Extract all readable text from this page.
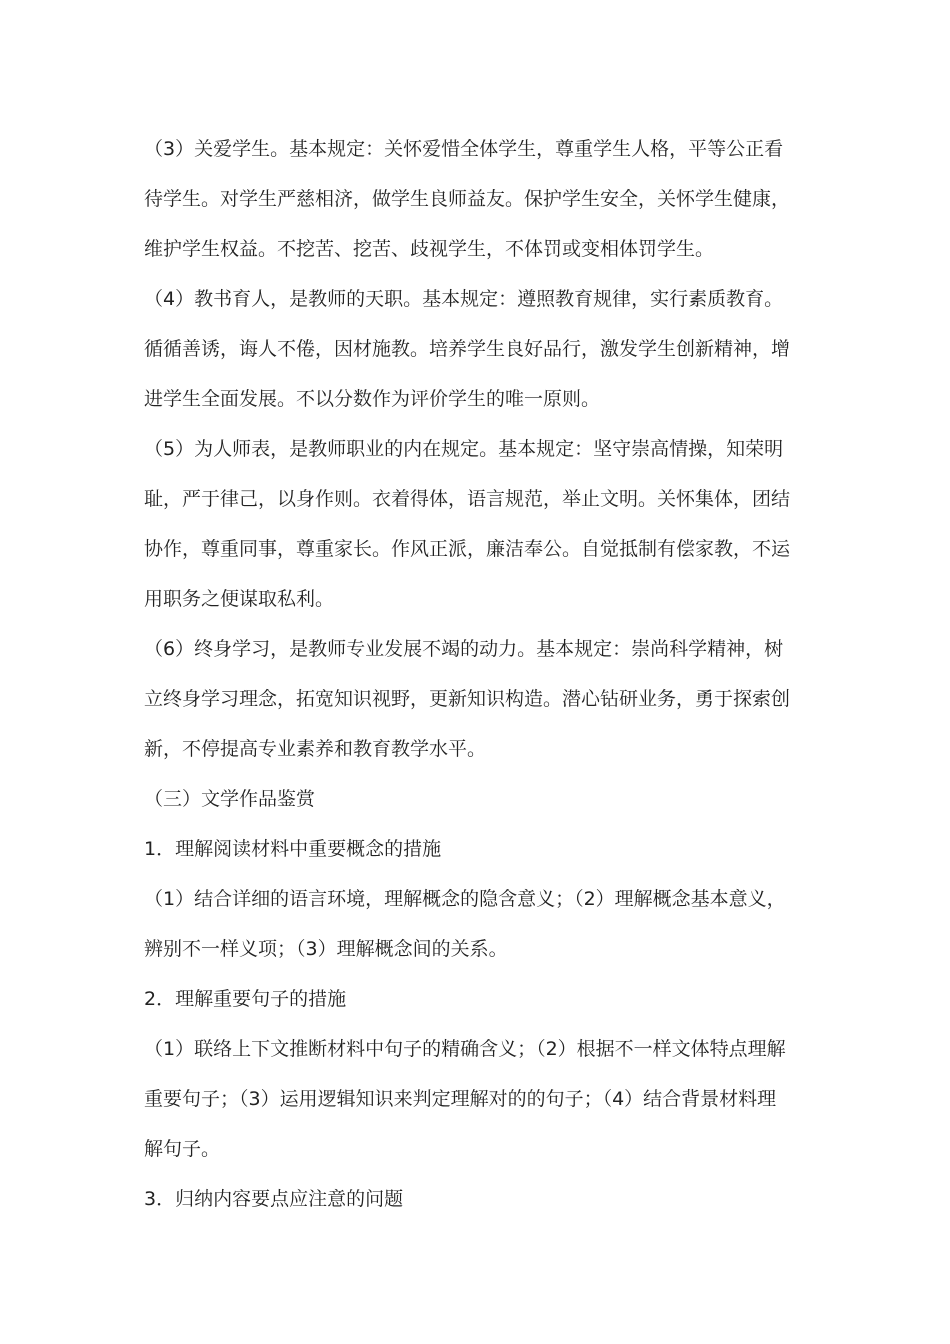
（3）关爱学生。基本规定：关怀爱惜全体学生，尊重学生人格，平等公正看
待学生。对学生严慈相济，做学生良师益友。保护学生安全，关怀学生健康，
维护学生权益。不挖苦、挖苦、歧视学生，不体罚或变相体罚学生。
（4）教书育人，是教师的天职。基本规定：遵照教育规律，实行素质教育。
循循善诱，诲人不倦，因材施教。培养学生良好品行，激发学生创新精神，增
进学生全面发展。不以分数作为评价学生的唯一原则。
（5）为人师表，是教师职业的内在规定。基本规定：坚守崇高情操，知荣明
耻，严于律己，以身作则。衣着得体，语言规范，举止文明。关怀集体，团结
协作，尊重同事，尊重家长。作风正派，廉洁奉公。自觉抵制有偿家教，不运
用职务之便谋取私利。
（6）终身学习，是教师专业发展不竭的动力。基本规定：崇尚科学精神，树
立终身学习理念，拓宽知识视野，更新知识构造。潜心钻研业务，勇于探索创
新，不停提高专业素养和教育教学水平。
（三）文学作品鉴赏
1．理解阅读材料中重要概念的措施
（1）结合详细的语言环境，理解概念的隐含意义；（2）理解概念基本意义，
辨别不一样义项；（3）理解概念间的关系。
2．理解重要句子的措施
（1）联络上下文推断材料中句子的精确含义；（2）根据不一样文体特点理解
重要句子；（3）运用逻辑知识来判定理解对的的句子；（4）结合背景材料理
解句子。
3．归纳内容要点应注意的问题
